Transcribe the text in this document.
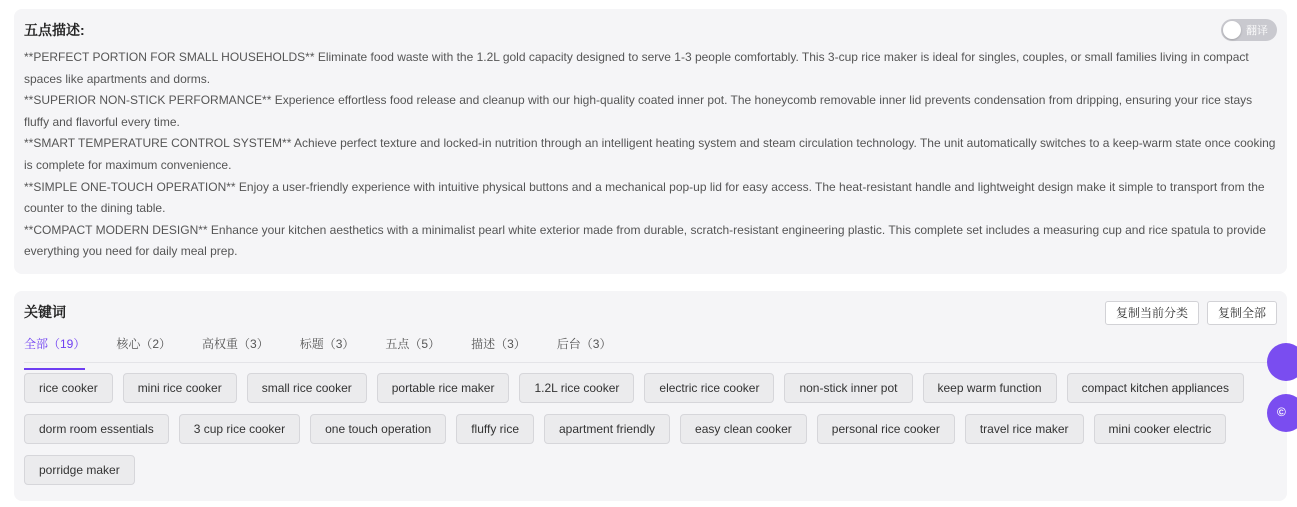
五点描述:	翻译
**PERFECT PORTION FOR SMALL HOUSEHOLDS** Eliminate food waste with the 1.2L gold capacity designed to serve 1-3 people comfortably. This 3-cup rice maker is ideal for singles, couples, or small families living in compact spaces like apartments and dorms.
**SUPERIOR NON-STICK PERFORMANCE** Experience effortless food release and cleanup with our high-quality coated inner pot. The honeycomb removable inner lid prevents condensation from dripping, ensuring your rice stays fluffy and flavorful every time.
**SMART TEMPERATURE CONTROL SYSTEM** Achieve perfect texture and locked-in nutrition through an intelligent heating system and steam circulation technology. The unit automatically switches to a keep-warm state once cooking is complete for maximum convenience.
**SIMPLE ONE-TOUCH OPERATION** Enjoy a user-friendly experience with intuitive physical buttons and a mechanical pop-up lid for easy access. The heat-resistant handle and lightweight design make it simple to transport from the counter to the dining table.
**COMPACT MODERN DESIGN** Enhance your kitchen aesthetics with a minimalist pearl white exterior made from durable, scratch-resistant engineering plastic. This complete set includes a measuring cup and rice spatula to provide everything you need for daily meal prep.
关键词	复制当前分类	复制全部
全部（19）	核心（2）	高权重（3）	标题（3）	五点（5）	描述（3）	后台（3）
rice cooker	mini rice cooker	small rice cooker	portable rice maker	1.2L rice cooker	electric rice cooker	non-stick inner pot	keep warm function	compact kitchen appliances
dorm room essentials	3 cup rice cooker	one touch operation	fluffy rice	apartment friendly	easy clean cooker	personal rice cooker	travel rice maker	mini cooker electric
porridge maker
©
